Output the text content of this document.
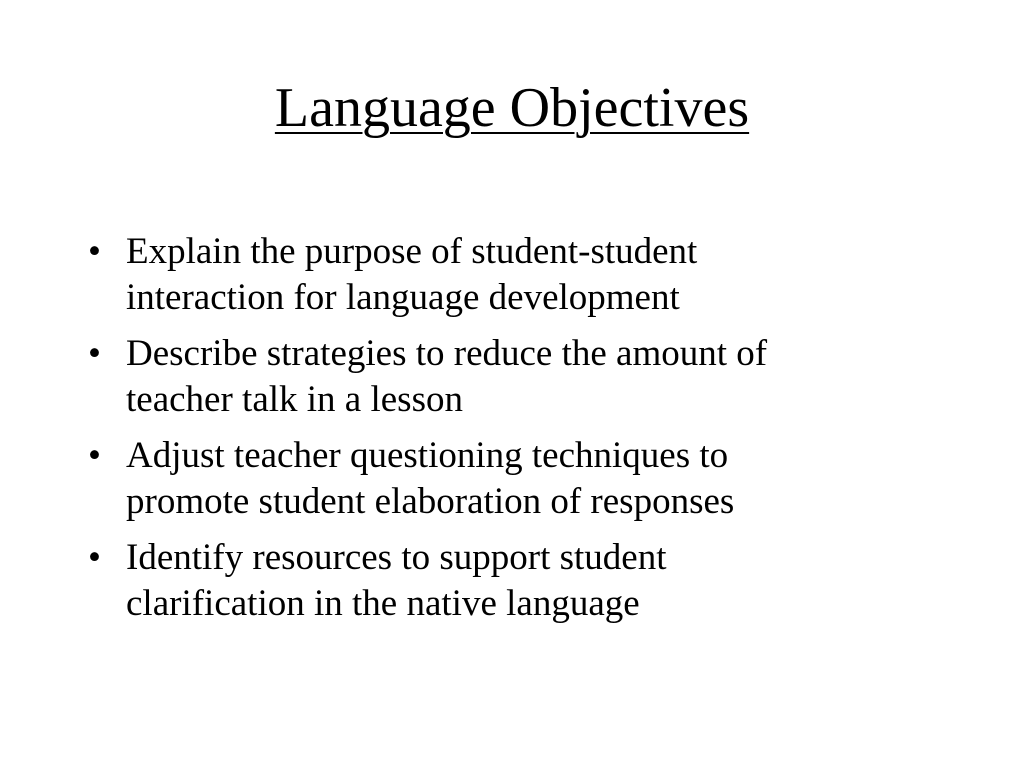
Language Objectives
• Explain the purpose of student-student
interaction for language development
• Describe strategies to reduce the amount of
teacher talk in a lesson
• Adjust teacher questioning techniques to
promote student elaboration of responses
• Identify resources to support student
clarification in the native language
